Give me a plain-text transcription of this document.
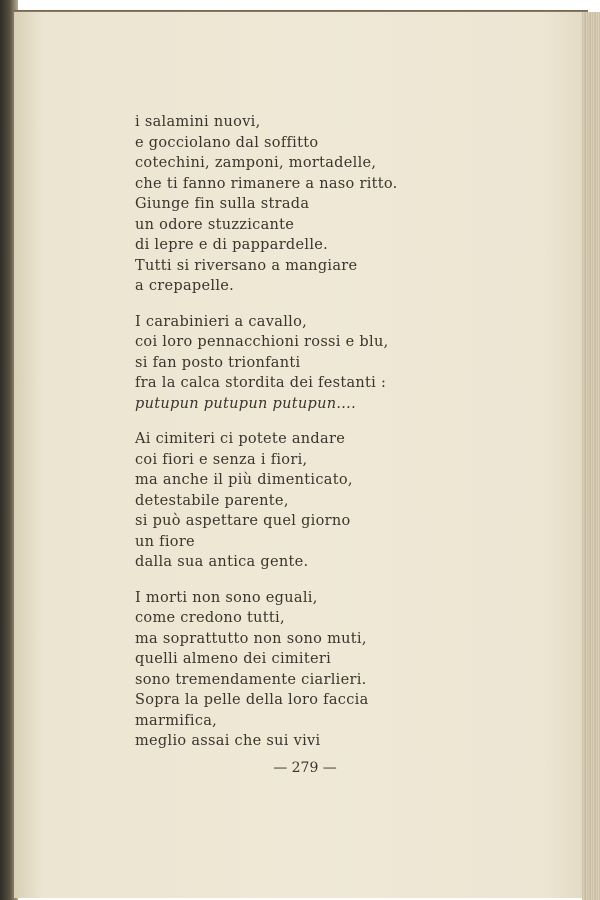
i salamini nuovi,
e gocciolano dal soffitto
cotechini, zamponi, mortadelle,
che ti fanno rimanere a naso ritto.
Giunge fin sulla strada
un odore stuzzicante
di lepre e di pappardelle.
Tutti si riversano a mangiare
a crepapelle.
I carabinieri a cavallo,
coi loro pennacchioni rossi e blu,
si fan posto trionfanti
fra la calca stordita dei festanti :
putupun putupun putupun....
Ai cimiteri ci potete andare
coi fiori e senza i fiori,
ma anche il più dimenticato,
detestabile parente,
si può aspettare quel giorno
un fiore
dalla sua antica gente.
I morti non sono eguali,
come credono tutti,
ma soprattutto non sono muti,
quelli almeno dei cimiteri
sono tremendamente ciarlieri.
Sopra la pelle della loro faccia
marmifica,
meglio assai che sui vivi
— 279 —
